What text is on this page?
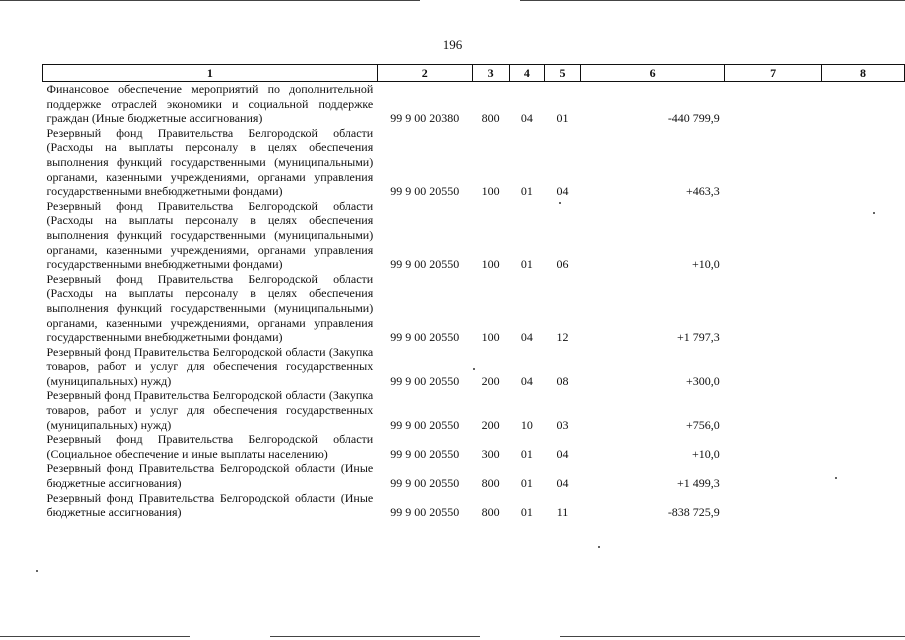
196
1	2	3	4	5	6	7	8
Финансовое обеспечение мероприятий по дополнительной поддержке отраслей экономики и социальной поддержке граждан (Иные бюджетные ассигнования)	99 9 00 20380	800	04	01	-440 799,9		
Резервный фонд Правительства Белгородской области (Расходы на выплаты персоналу в целях обеспечения выполнения функций государственными (муниципальными) органами, казенными учреждениями, органами управления государственными внебюджетными фондами)	99 9 00 20550	100	01	04	+463,3		
Резервный фонд Правительства Белгородской области (Расходы на выплаты персоналу в целях обеспечения выполнения функций государственными (муниципальными) органами, казенными учреждениями, органами управления государственными внебюджетными фондами)	99 9 00 20550	100	01	06	+10,0		
Резервный фонд Правительства Белгородской области (Расходы на выплаты персоналу в целях обеспечения выполнения функций государственными (муниципальными) органами, казенными учреждениями, органами управления государственными внебюджетными фондами)	99 9 00 20550	100	04	12	+1 797,3		
Резервный фонд Правительства Белгородской области (Закупка товаров, работ и услуг для обеспечения государственных (муниципальных) нужд)	99 9 00 20550	200	04	08	+300,0		
Резервный фонд Правительства Белгородской области (Закупка товаров, работ и услуг для обеспечения государственных (муниципальных) нужд)	99 9 00 20550	200	10	03	+756,0		
Резервный фонд Правительства Белгородской области (Социальное обеспечение и иные выплаты населению)	99 9 00 20550	300	01	04	+10,0		
Резервный фонд Правительства Белгородской области (Иные бюджетные ассигнования)	99 9 00 20550	800	01	04	+1 499,3		
Резервный фонд Правительства Белгородской области (Иные бюджетные ассигнования)	99 9 00 20550	800	01	11	-838 725,9		
